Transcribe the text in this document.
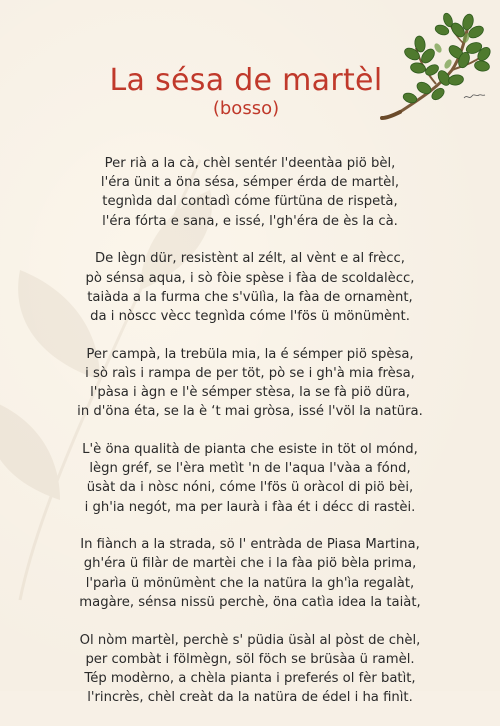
La sésa de martèl
(bosso)
Per rià a la cà, chèl sentér l'deentàa piö bèl,
l'éra ünit a öna sésa, sémper érda de martèl,
tegnìda dal contadì cóme fürtüna de rispetà,
l'éra fórta e sana, e issé, l'gh'éra de ès la cà.
De lègn dür, resistènt al zélt, al vènt e al frècc,
pò sénsa aqua, i sò fòie spèse i fàa de scoldalècc,
taiàda a la furma che s'vülìa, la fàa de ornamènt,
da i nòscc vècc tegnìda cóme l'fös ü mönümènt.
Per campà, la trebüla mia, la é sémper piö spèsa,
i sò raìs i rampa de per töt, pò se i gh'à mia frèsa,
l'pàsa i àgn e l'è sémper stèsa, la se fà piö düra,
in d'öna éta, se la è ‘t mai gròsa, issé l'völ la natüra.
L'è öna qualità de pianta che esiste in töt ol mónd,
lègn gréf, se l'èra metìt 'n de l'aqua l'vàa a fónd,
üsàt da i nòsc nóni, cóme l'fös ü oràcol di piö bèi,
i gh'ia negót, ma per laurà i fàa ét i décc di rastèi.
In fiànch a la strada, sö l' entràda de Piasa Martina,
gh'éra ü filàr de martèi che i la fàa piö bèla prima,
l'parìa ü mönümènt che la natüra la gh'ìa regalàt,
magàre, sénsa nissü perchè, öna catìa idea la taiàt,
Ol nòm martèl, perchè s' püdia üsàl al pòst de chèl,
per combàt i fölmègn, söl föch se brüsàa ü ramèl.
Tép modèrno, a chèla pianta i preferés ol fèr batìt,
l'rincrès, chèl creàt da la natüra de édel i ha finìt.
